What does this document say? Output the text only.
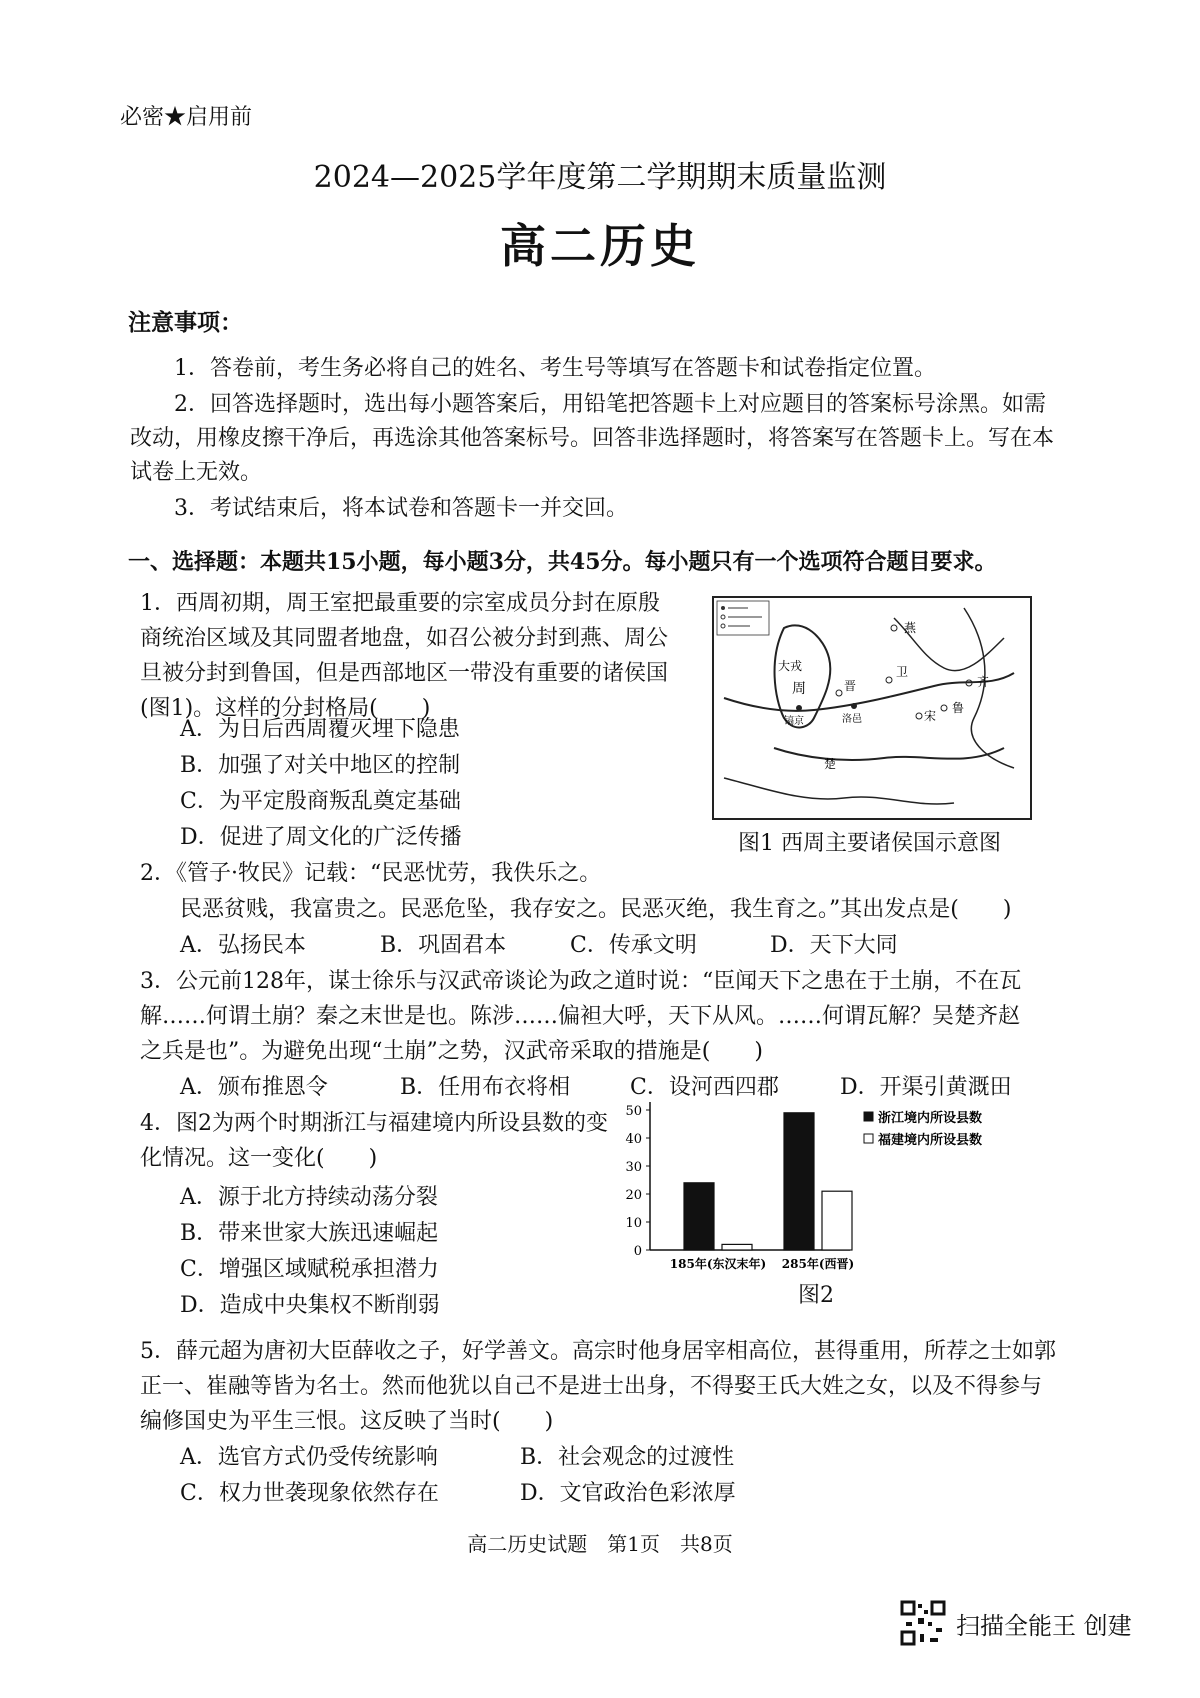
必密★启用前
2024—2025学年度第二学期期末质量监测
高二历史
注意事项：
1．答卷前，考生务必将自己的姓名、考生号等填写在答题卡和试卷指定位置。
2．回答选择题时，选出每小题答案后，用铅笔把答题卡上对应题目的答案标号涂黑。如需改动，用橡皮擦干净后，再选涂其他答案标号。回答非选择题时，将答案写在答题卡上。写在本试卷上无效。
3．考试结束后，将本试卷和答题卡一并交回。
一、选择题：本题共15小题，每小题3分，共45分。每小题只有一个选项符合题目要求。
1．西周初期，周王室把最重要的宗室成员分封在原殷商统治区域及其同盟者地盘，如召公被分封到燕、周公旦被分封到鲁国，但是西部地区一带没有重要的诸侯国(图1)。这样的分封格局(　　)
A．为日后西周覆灭埋下隐患
B．加强了对关中地区的控制
C．为平定殷商叛乱奠定基础
D．促进了周文化的广泛传播
燕
卫
晋
鲁
齐
宋
周
镐京	洛邑
大戎
楚
图1 西周主要诸侯国示意图
2．《管子·牧民》记载：“民恶忧劳，我佚乐之。
民恶贫贱，我富贵之。民恶危坠，我存安之。民恶灭绝，我生育之。”其出发点是(　　)
A．弘扬民本	B．巩固君本	C．传承文明	D．天下大同
3．公元前128年，谋士徐乐与汉武帝谈论为政之道时说：“臣闻天下之患在于土崩，不在瓦解……何谓土崩？秦之末世是也。陈涉……偏袒大呼，天下从风。……何谓瓦解？吴楚齐赵之兵是也”。为避免出现“土崩”之势，汉武帝采取的措施是(　　)
A．颁布推恩令	B．任用布衣将相	C．设河西四郡	D．开渠引黄溉田
4．图2为两个时期浙江与福建境内所设县数的变化情况。这一变化(　　)
A．源于北方持续动荡分裂
B．带来世家大族迅速崛起
C．增强区域赋税承担潜力
D．造成中央集权不断削弱
0
10
20
30
40
50
185年(东汉末年) 285年(西晋)
浙江境内所设县数
福建境内所设县数
图2
5．薛元超为唐初大臣薛收之子，好学善文。高宗时他身居宰相高位，甚得重用，所荐之士如郭正一、崔融等皆为名士。然而他犹以自己不是进士出身，不得娶王氏大姓之女，以及不得参与编修国史为平生三恨。这反映了当时(　　)
A．选官方式仍受传统影响	B．社会观念的过渡性
C．权力世袭现象依然存在	D．文官政治色彩浓厚
高二历史试题　第1页　共8页
扫描全能王 创建
